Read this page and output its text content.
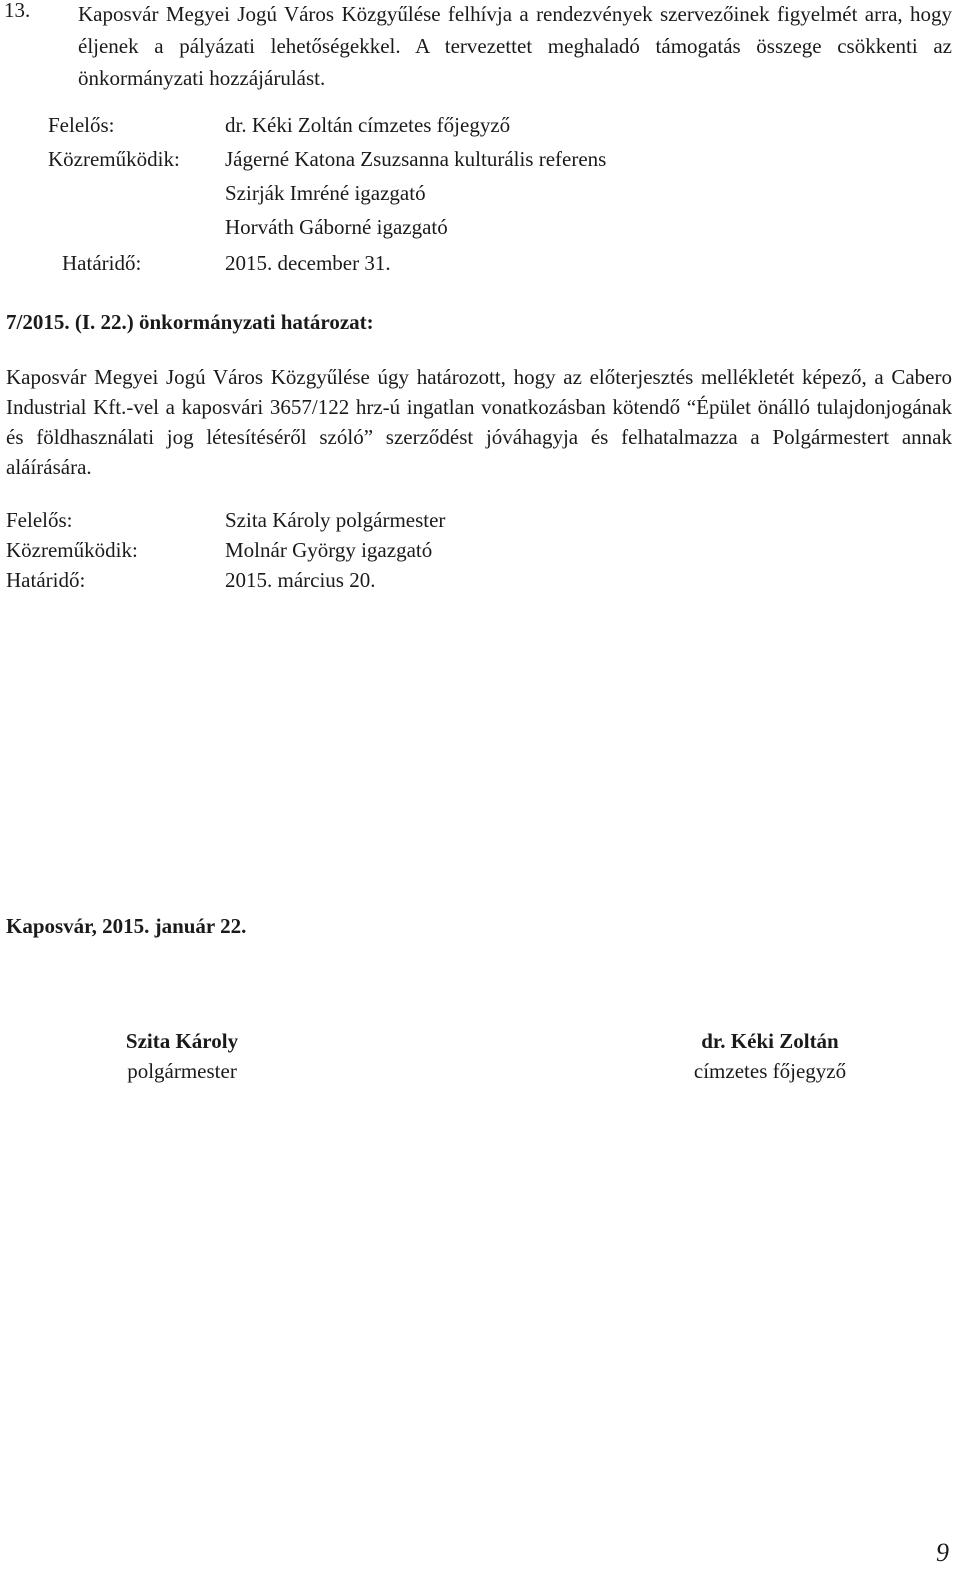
13. Kaposvár Megyei Jogú Város Közgyűlése felhívja a rendezvények szervezőinek figyelmét arra, hogy éljenek a pályázati lehetőségekkel. A tervezettet meghaladó támogatás összege csökkenti az önkormányzati hozzájárulást.
Felelős:	dr. Kéki Zoltán címzetes főjegyző
Közreműködik: Jágerné Katona Zsuzsanna kulturális referens
Szirják Imréné igazgató
Horváth Gáborné igazgató
Határidő:	2015. december 31.
7/2015. (I. 22.) önkormányzati határozat:
Kaposvár Megyei Jogú Város Közgyűlése úgy határozott, hogy az előterjesztés mellékletét képező, a Cabero Industrial Kft.-vel a kaposvári 3657/122 hrz-ú ingatlan vonatkozásban kötendő “Épület önálló tulajdonjogának és földhasználati jog létesítéséről szóló” szerződést jóváhagyja és felhatalmazza a Polgármestert annak aláírására.
Felelős:	Szita Károly polgármester
Közreműködik:	Molnár György igazgató
Határidő:	2015. március 20.
Kaposvár, 2015. január 22.
Szita Károly
polgármester
dr. Kéki Zoltán
címzetes főjegyző
9
